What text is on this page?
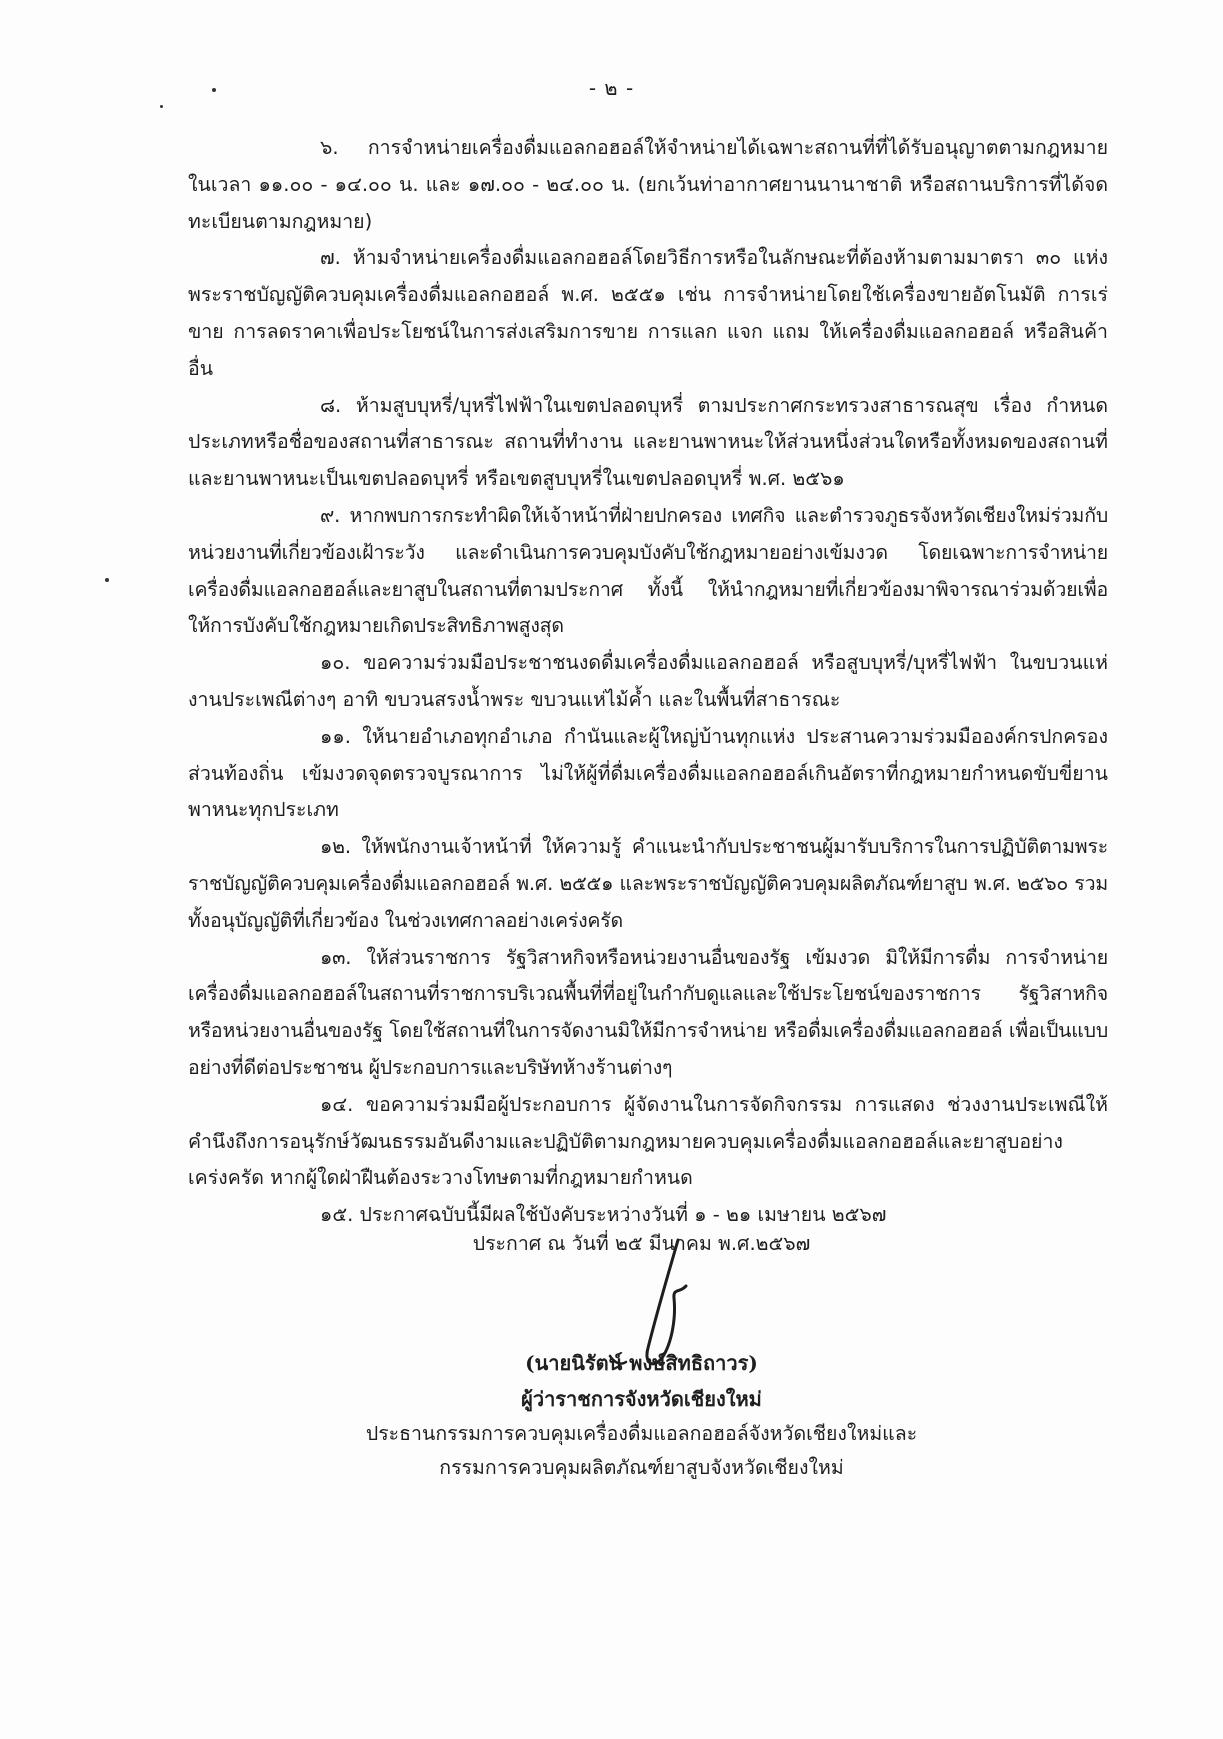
- ๒ -

๖. การจำหน่ายเครื่องดื่มแอลกอฮอล์ให้จำหน่ายได้เฉพาะสถานที่ที่ได้รับอนุญาตตามกฎหมาย ในเวลา ๑๑.๐๐ - ๑๔.๐๐ น. และ ๑๗.๐๐ - ๒๔.๐๐ น. (ยกเว้นท่าอากาศยานนานาชาติ หรือสถานบริการที่ได้จดทะเบียนตามกฎหมาย)

๗. ห้ามจำหน่ายเครื่องดื่มแอลกอฮอล์โดยวิธีการหรือในลักษณะที่ต้องห้ามตามมาตรา ๓๐ แห่งพระราชบัญญัติควบคุมเครื่องดื่มแอลกอฮอล์ พ.ศ. ๒๕๕๑ เช่น การจำหน่ายโดยใช้เครื่องขายอัตโนมัติ การเร่ขาย การลดราคาเพื่อประโยชน์ในการส่งเสริมการขาย การแลก แจก แถม ให้เครื่องดื่มแอลกอฮอล์ หรือสินค้าอื่น

๘. ห้ามสูบบุหรี่/บุหรี่ไฟฟ้าในเขตปลอดบุหรี่ ตามประกาศกระทรวงสาธารณสุข เรื่อง กำหนดประเภทหรือชื่อของสถานที่สาธารณะ สถานที่ทำงาน และยานพาหนะให้ส่วนหนึ่งส่วนใดหรือทั้งหมดของสถานที่และยานพาหนะเป็นเขตปลอดบุหรี่ หรือเขตสูบบุหรี่ในเขตปลอดบุหรี่ พ.ศ. ๒๕๖๑

๙. หากพบการกระทำผิดให้เจ้าหน้าที่ฝ่ายปกครอง เทศกิจ และตำรวจภูธรจังหวัดเชียงใหม่ร่วมกับหน่วยงานที่เกี่ยวข้องเฝ้าระวัง และดำเนินการควบคุมบังคับใช้กฎหมายอย่างเข้มงวด โดยเฉพาะการจำหน่ายเครื่องดื่มแอลกอฮอล์และยาสูบในสถานที่ตามประกาศ ทั้งนี้ ให้นำกฎหมายที่เกี่ยวข้องมาพิจารณาร่วมด้วยเพื่อให้การบังคับใช้กฎหมายเกิดประสิทธิภาพสูงสุด

๑๐. ขอความร่วมมือประชาชนงดดื่มเครื่องดื่มแอลกอฮอล์ หรือสูบบุหรี่/บุหรี่ไฟฟ้า ในขบวนแห่งานประเพณีต่างๆ อาทิ ขบวนสรงน้ำพระ ขบวนแห่ไม้ค้ำ และในพื้นที่สาธารณะ

๑๑. ให้นายอำเภอทุกอำเภอ กำนันและผู้ใหญ่บ้านทุกแห่ง ประสานความร่วมมือองค์กรปกครองส่วนท้องถิ่น เข้มงวดจุดตรวจบูรณาการ ไม่ให้ผู้ที่ดื่มเครื่องดื่มแอลกอฮอล์เกินอัตราที่กฎหมายกำหนดขับขี่ยานพาหนะทุกประเภท

๑๒. ให้พนักงานเจ้าหน้าที่ ให้ความรู้ คำแนะนำกับประชาชนผู้มารับบริการในการปฏิบัติตามพระราชบัญญัติควบคุมเครื่องดื่มแอลกอฮอล์ พ.ศ. ๒๕๕๑ และพระราชบัญญัติควบคุมผลิตภัณฑ์ยาสูบ พ.ศ. ๒๕๖๐ รวมทั้งอนุบัญญัติที่เกี่ยวข้อง ในช่วงเทศกาลอย่างเคร่งครัด

๑๓. ให้ส่วนราชการ รัฐวิสาหกิจหรือหน่วยงานอื่นของรัฐ เข้มงวด มิให้มีการดื่ม การจำหน่ายเครื่องดื่มแอลกอฮอล์ในสถานที่ราชการบริเวณพื้นที่ที่อยู่ในกำกับดูแลและใช้ประโยชน์ของราชการ รัฐวิสาหกิจหรือหน่วยงานอื่นของรัฐ โดยใช้สถานที่ในการจัดงานมิให้มีการจำหน่าย หรือดื่มเครื่องดื่มแอลกอฮอล์ เพื่อเป็นแบบอย่างที่ดีต่อประชาชน ผู้ประกอบการและบริษัทห้างร้านต่างๆ

๑๔. ขอความร่วมมือผู้ประกอบการ ผู้จัดงานในการจัดกิจกรรม การแสดง ช่วงงานประเพณีให้คำนึงถึงการอนุรักษ์วัฒนธรรมอันดีงามและปฏิบัติตามกฎหมายควบคุมเครื่องดื่มแอลกอฮอล์และยาสูบอย่างเคร่งครัด หากผู้ใดฝ่าฝืนต้องระวางโทษตามที่กฎหมายกำหนด

๑๕. ประกาศฉบับนี้มีผลใช้บังคับระหว่างวันที่ ๑ - ๒๑ เมษายน ๒๕๖๗

ประกาศ ณ วันที่ ๒๕ มีนาคม พ.ศ.๒๕๖๗
(นายนิรัตน์ พงษ์สิทธิถาวร)
ผู้ว่าราชการจังหวัดเชียงใหม่
ประธานกรรมการควบคุมเครื่องดื่มแอลกอฮอล์จังหวัดเชียงใหม่และ
กรรมการควบคุมผลิตภัณฑ์ยาสูบจังหวัดเชียงใหม่
